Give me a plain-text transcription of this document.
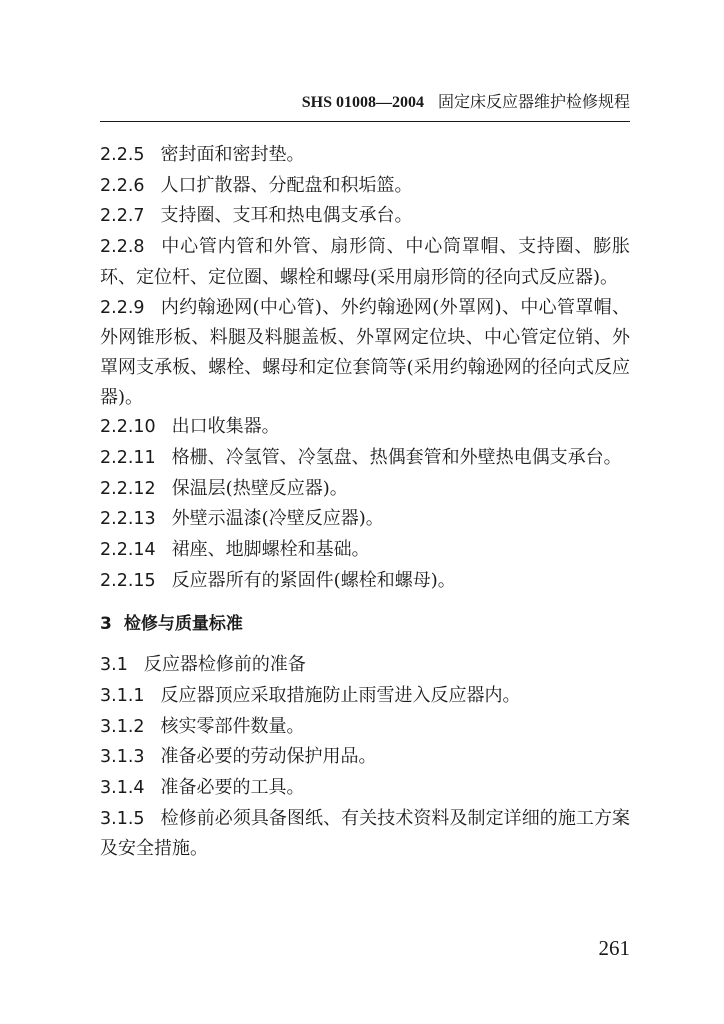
SHS 01008—2004 固定床反应器维护检修规程

2.2.5 密封面和密封垫。

2.2.6 人口扩散器、分配盘和积垢篮。

2.2.7 支持圈、支耳和热电偶支承台。

2.2.8 中心管内管和外管、扇形筒、中心筒罩帽、支持圈、膨胀环、定位杆、定位圈、螺栓和螺母(采用扇形筒的径向式反应器)。

2.2.9 内约翰逊网(中心管)、外约翰逊网(外罩网)、中心管罩帽、外网锥形板、料腿及料腿盖板、外罩网定位块、中心管定位销、外罩网支承板、螺栓、螺母和定位套筒等(采用约翰逊网的径向式反应器)。

2.2.10 出口收集器。

2.2.11 格栅、冷氢管、冷氢盘、热偶套管和外壁热电偶支承台。

2.2.12 保温层(热壁反应器)。

2.2.13 外壁示温漆(冷壁反应器)。

2.2.14 裙座、地脚螺栓和基础。

2.2.15 反应器所有的紧固件(螺栓和螺母)。

3 检修与质量标准

3.1 反应器检修前的准备

3.1.1 反应器顶应采取措施防止雨雪进入反应器内。

3.1.2 核实零部件数量。

3.1.3 准备必要的劳动保护用品。

3.1.4 准备必要的工具。

3.1.5 检修前必须具备图纸、有关技术资料及制定详细的施工方案及安全措施。

261
